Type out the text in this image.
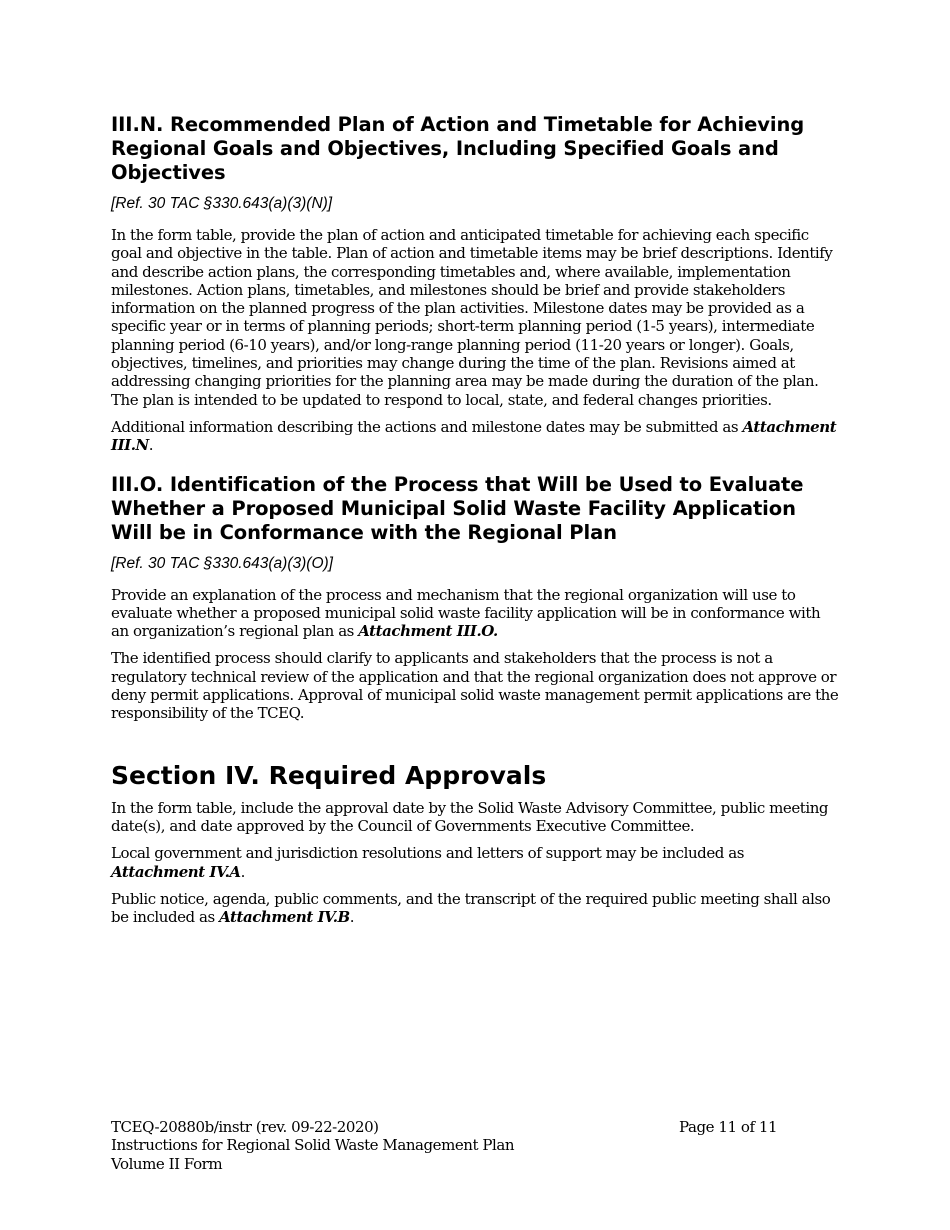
III.N. Recommended Plan of Action and Timetable for Achieving Regional Goals and Objectives, Including Specified Goals and Objectives
[Ref. 30 TAC §330.643(a)(3)(N)]

In the form table, provide the plan of action and anticipated timetable for achieving each specific goal and objective in the table. Plan of action and timetable items may be brief descriptions. Identify and describe action plans, the corresponding timetables and, where available, implementation milestones. Action plans, timetables, and milestones should be brief and provide stakeholders information on the planned progress of the plan activities. Milestone dates may be provided as a specific year or in terms of planning periods; short-term planning period (1-5 years), intermediate planning period (6-10 years), and/or long-range planning period (11-20 years or longer). Goals, objectives, timelines, and priorities may change during the time of the plan. Revisions aimed at addressing changing priorities for the planning area may be made during the duration of the plan. The plan is intended to be updated to respond to local, state, and federal changes priorities.

Additional information describing the actions and milestone dates may be submitted as Attachment III.N.

III.O. Identification of the Process that Will be Used to Evaluate Whether a Proposed Municipal Solid Waste Facility Application Will be in Conformance with the Regional Plan
[Ref. 30 TAC §330.643(a)(3)(O)]

Provide an explanation of the process and mechanism that the regional organization will use to evaluate whether a proposed municipal solid waste facility application will be in conformance with an organization’s regional plan as Attachment III.O.

The identified process should clarify to applicants and stakeholders that the process is not a regulatory technical review of the application and that the regional organization does not approve or deny permit applications. Approval of municipal solid waste management permit applications are the responsibility of the TCEQ.

Section IV. Required Approvals

In the form table, include the approval date by the Solid Waste Advisory Committee, public meeting date(s), and date approved by the Council of Governments Executive Committee.

Local government and jurisdiction resolutions and letters of support may be included as Attachment IV.A.

Public notice, agenda, public comments, and the transcript of the required public meeting shall also be included as Attachment IV.B.

TCEQ-20880b/instr (rev. 09-22-2020)
Instructions for Regional Solid Waste Management Plan
Volume II Form
Page 11 of 11
